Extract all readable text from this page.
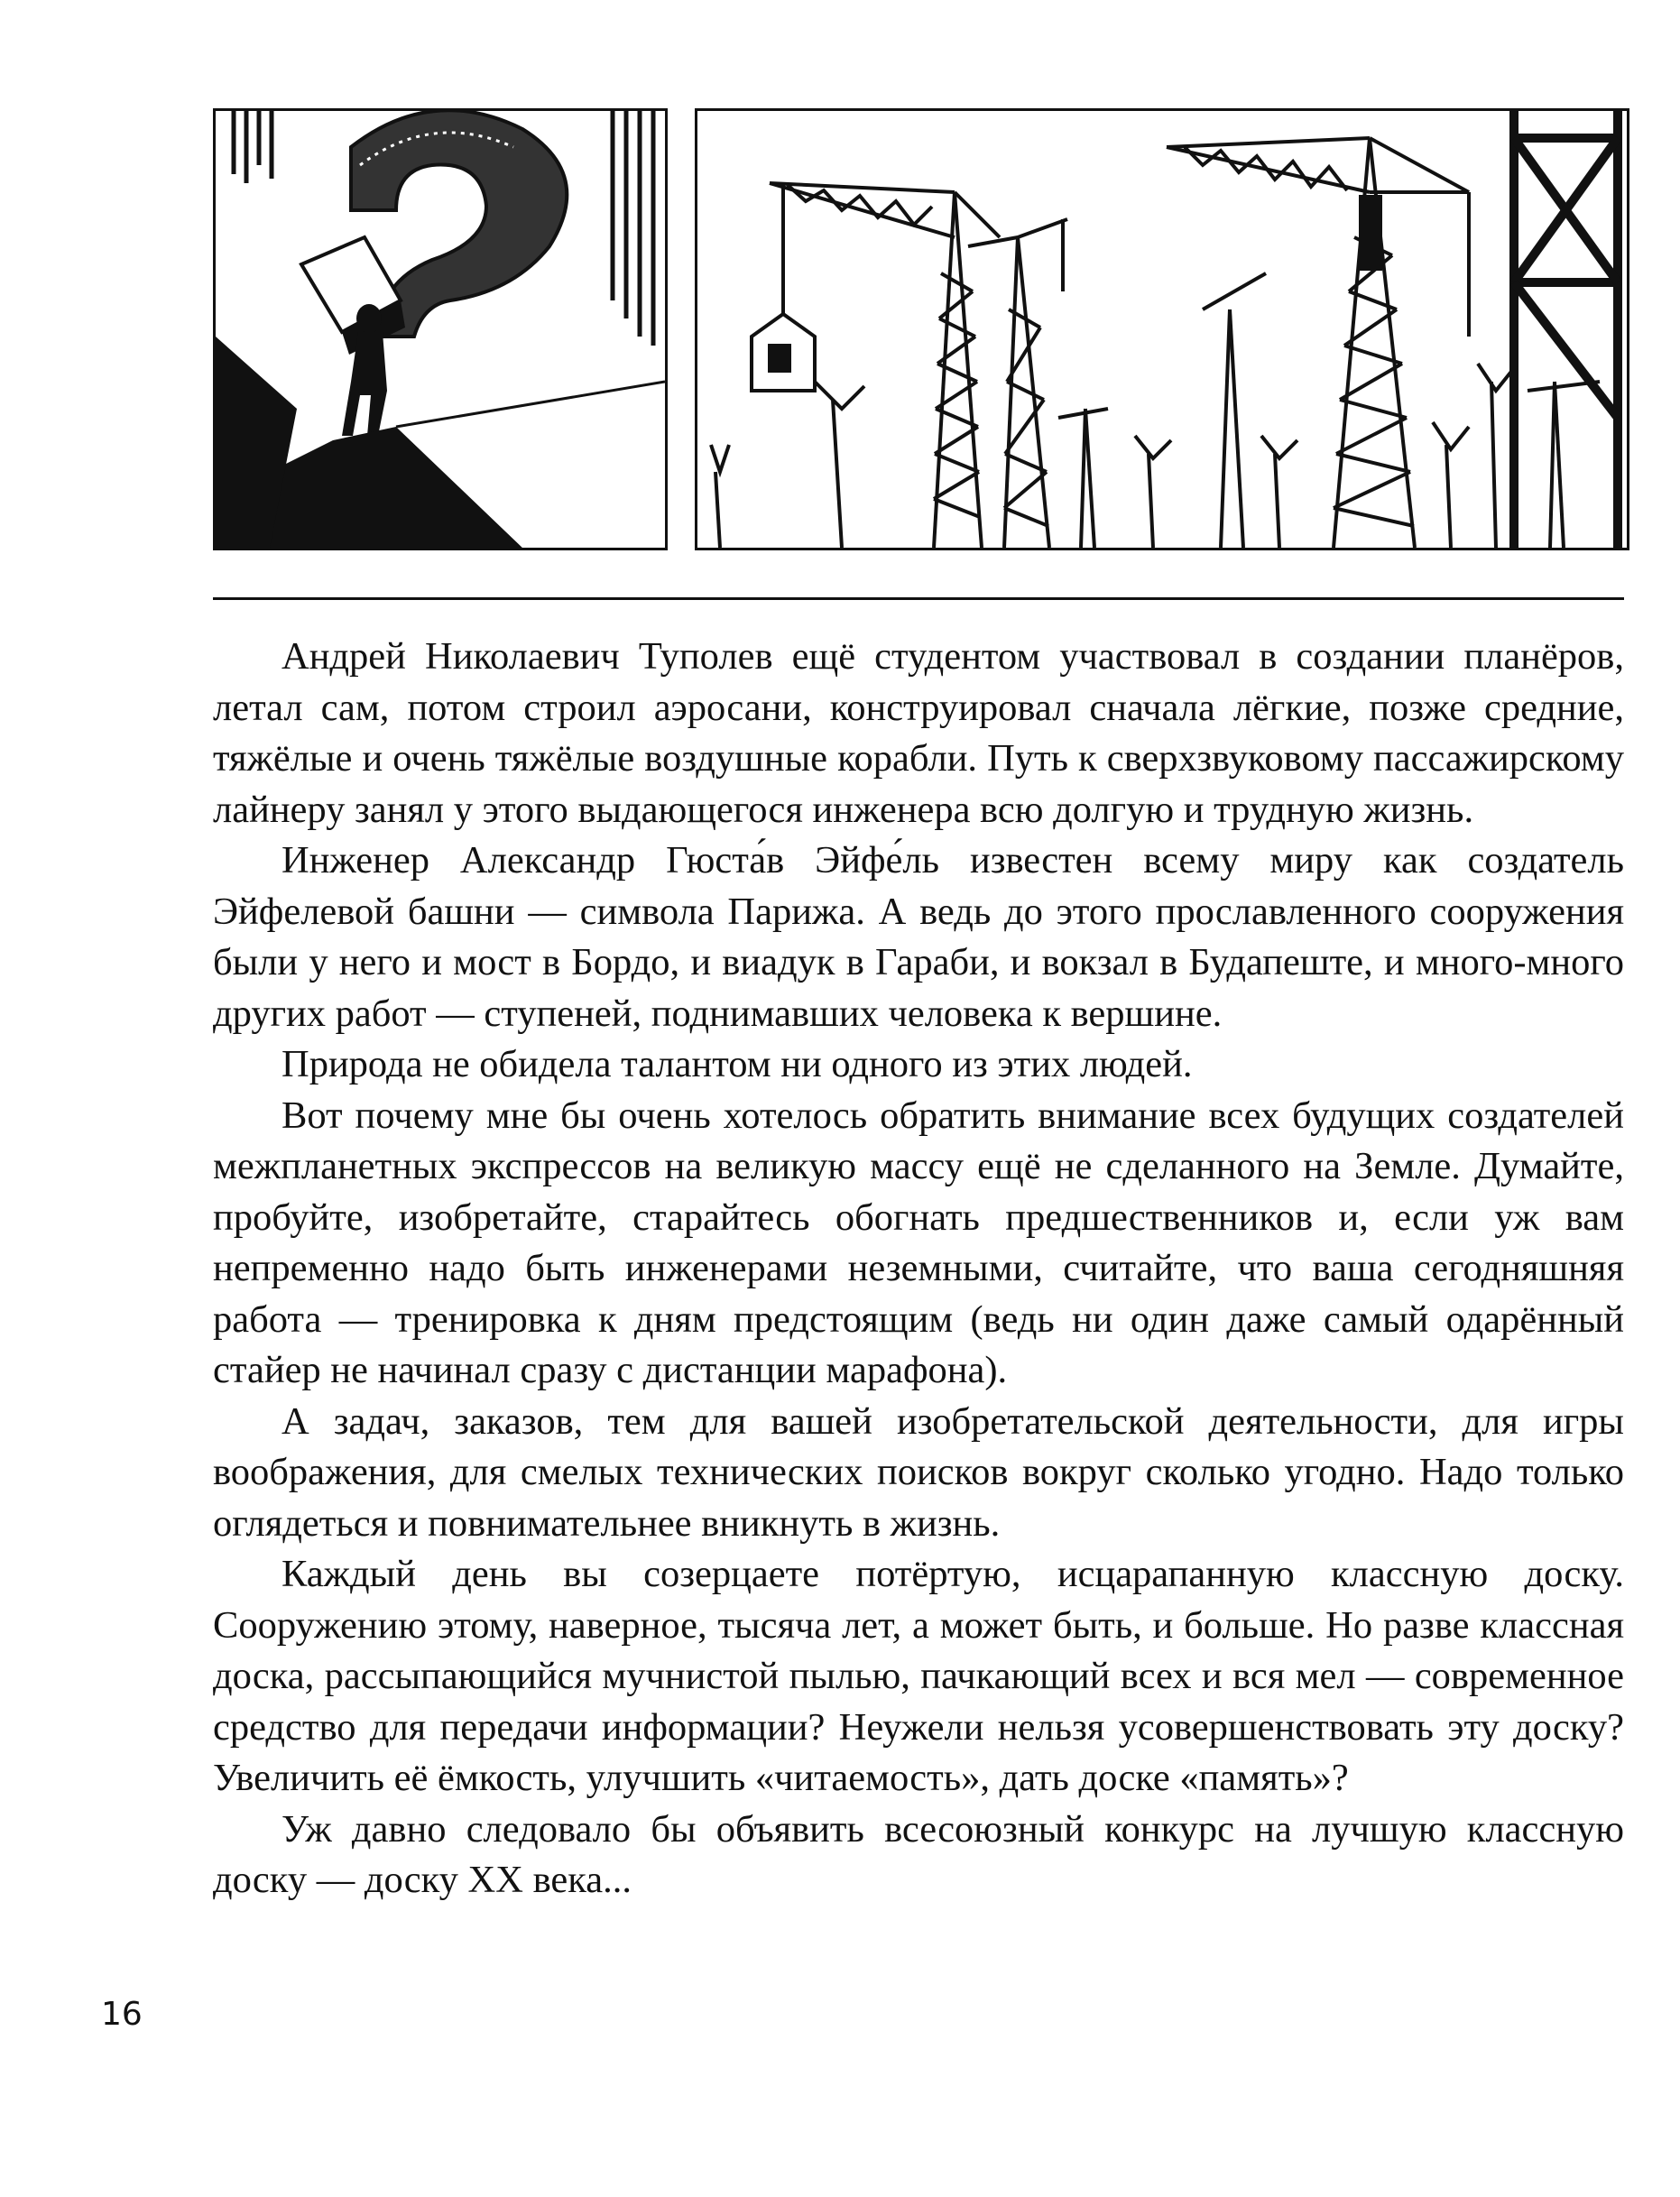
Андрей Николаевич Туполев ещё студентом участвовал в создании планёров, летал сам, потом строил аэросани, конструировал сначала лёгкие, позже средние, тяжёлые и очень тяжёлые воздушные корабли. Путь к сверхзвуковому пассажирскому лайнеру занял у этого выдающегося инженера всю долгую и трудную жизнь.

Инженер Александр Гюста́в Эйфе́ль известен всему миру как создатель Эйфелевой башни — символа Парижа. А ведь до этого прославленного сооружения были у него и мост в Бордо, и виадук в Гараби, и вокзал в Будапеште, и много-много других работ — ступеней, поднимавших человека к вершине.

Природа не обидела талантом ни одного из этих людей.

Вот почему мне бы очень хотелось обратить внимание всех будущих создателей межпланетных экспрессов на великую массу ещё не сделанного на Земле. Думайте, пробуйте, изобретайте, старайтесь обогнать предшественников и, если уж вам непременно надо быть инженерами неземными, считайте, что ваша сегодняшняя работа — тренировка к дням предстоящим (ведь ни один даже самый одарённый стайер не начинал сразу с дистанции марафона).

А задач, заказов, тем для вашей изобретательской деятельности, для игры воображения, для смелых технических поисков вокруг сколько угодно. Надо только оглядеться и повнимательнее вникнуть в жизнь.

Каждый день вы созерцаете потёртую, исцарапанную классную доску. Сооружению этому, наверное, тысяча лет, а может быть, и больше. Но разве классная доска, рассыпающийся мучнистой пылью, пачкающий всех и вся мел — современное средство для передачи информации? Неужели нельзя усовершенствовать эту доску? Увеличить её ёмкость, улучшить «читаемость», дать доске «память»?

Уж давно следовало бы объявить всесоюзный конкурс на лучшую классную доску — доску XX века...

16
